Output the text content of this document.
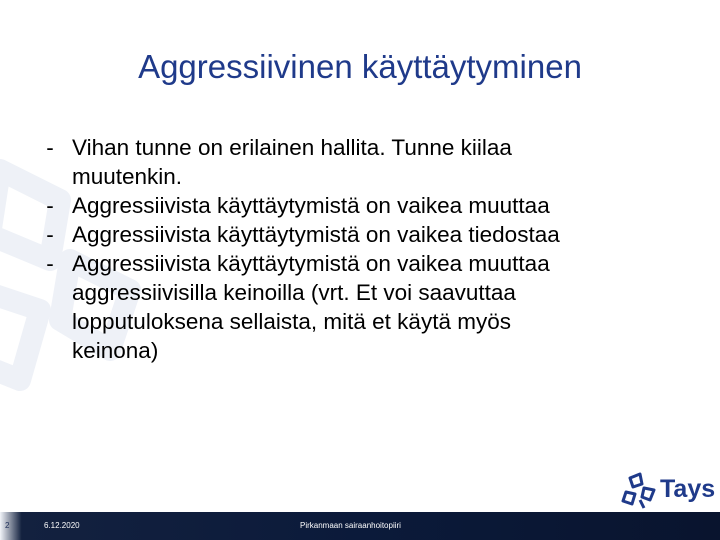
Aggressiivinen käyttäytyminen
- Vihan tunne on erilainen hallita. Tunne kiilaa
muutenkin.
- Aggressiivista käyttäytymistä on vaikea muuttaa
- Aggressiivista käyttäytymistä on vaikea tiedostaa
- Aggressiivista käyttäytymistä on vaikea muuttaa
aggressiivisilla keinoilla (vrt. Et voi saavuttaa
lopputuloksena sellaista, mitä et käytä myös
keinona)
Tays
2	6.12.2020	Pirkanmaan sairaanhoitopiiri
